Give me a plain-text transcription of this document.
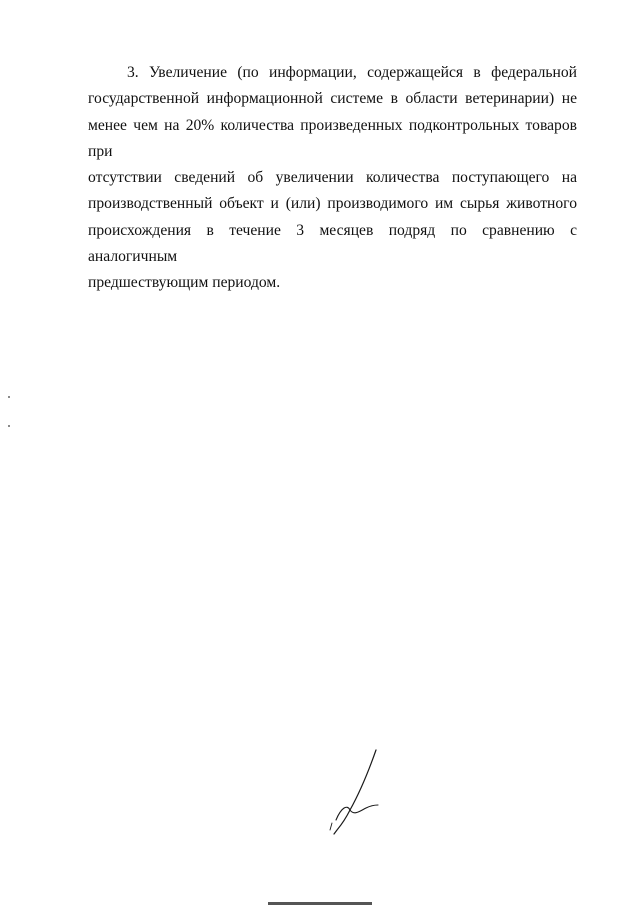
3. Увеличение (по информации, содержащейся в федеральной
государственной информационной системе в области ветеринарии) не
менее чем на 20% количества произведенных подконтрольных товаров при
отсутствии сведений об увеличении количества поступающего на
производственный объект и (или) производимого им сырья животного
происхождения в течение 3 месяцев подряд по сравнению с аналогичным
предшествующим периодом.
